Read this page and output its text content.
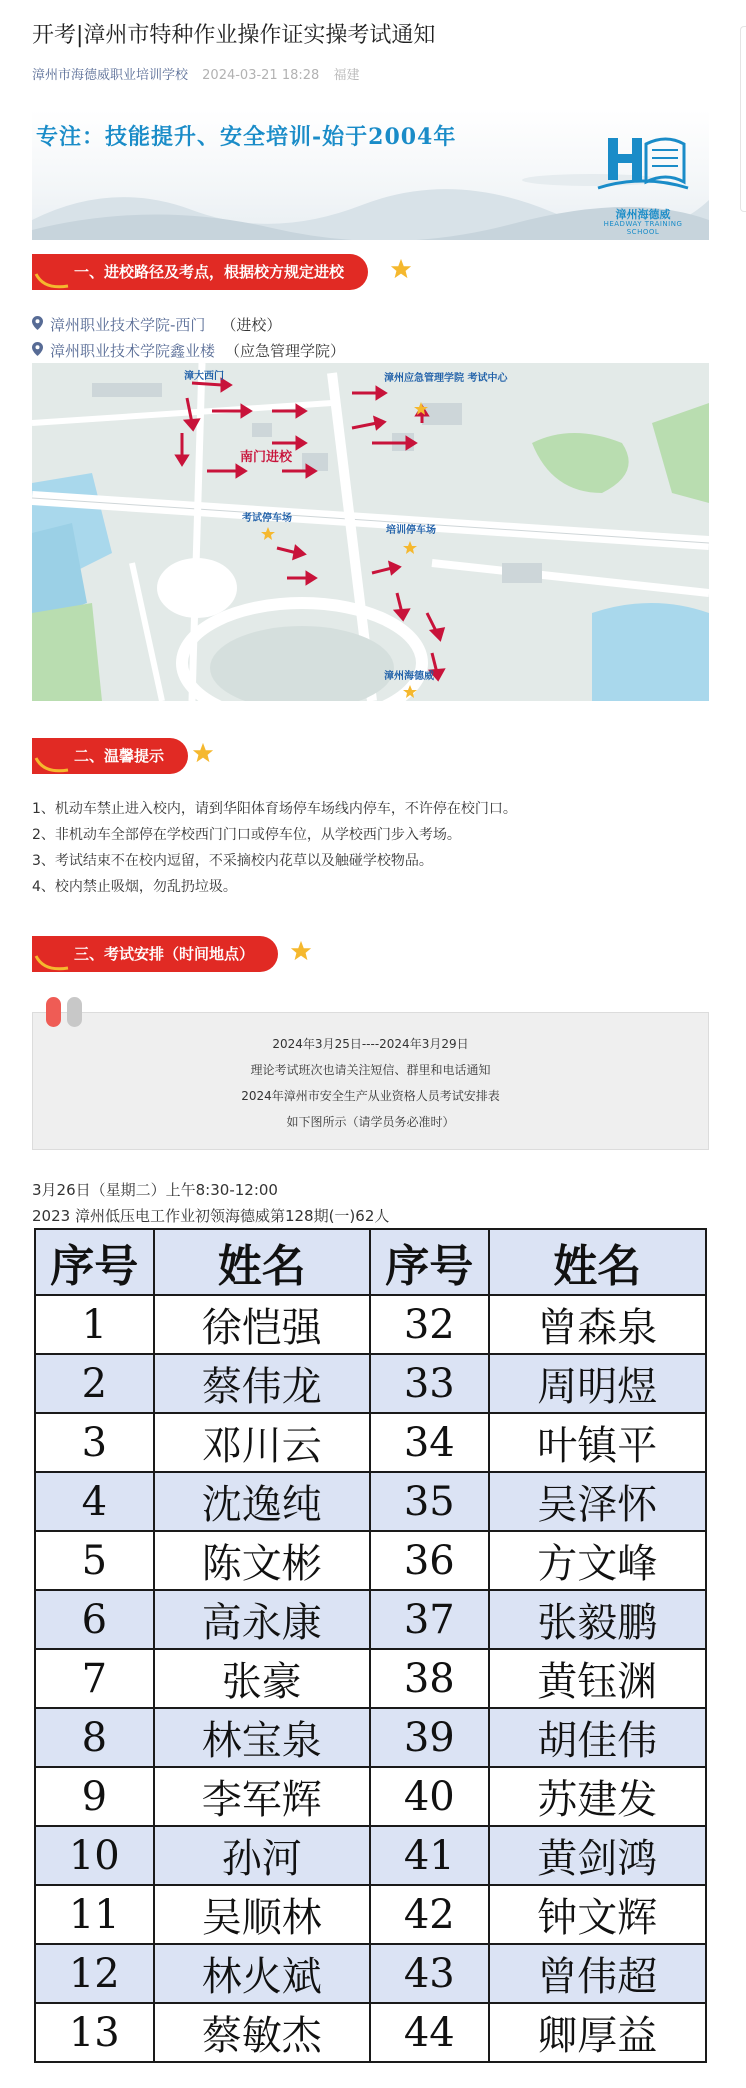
开考|漳州市特种作业操作证实操考试通知
漳州市海德威职业培训学校 2024-03-21 18:28 福建
专注：技能提升、安全培训-始于2004年
漳州海德威
HEADWAY TRAINING SCHOOL
一、进校路径及考点，根据校方规定进校
漳州职业技术学院-西门 （进校）
漳州职业技术学院鑫业楼 （应急管理学院）
漳大西门	漳州应急管理学院 考试中心
考试停车场
培训停车场
漳州海德威
南门进校
二、温馨提示
1、机动车禁止进入校内，请到华阳体育场停车场线内停车，不许停在校门口。
2、非机动车全部停在学校西门门口或停车位，从学校西门步入考场。
3、考试结束不在校内逗留，不采摘校内花草以及触碰学校物品。
4、校内禁止吸烟，勿乱扔垃圾。
三、考试安排（时间地点）
2024年3月25日----2024年3月29日
理论考试班次也请关注短信、群里和电话通知
2024年漳州市安全生产从业资格人员考试安排表
如下图所示（请学员务必准时）
3月26日（星期二）上午8:30-12:00
2023 漳州低压电工作业初领海德威第128期(一)62人
序号	姓名	序号	姓名
1	徐恺强	32	曾森泉
2	蔡伟龙	33	周明煜
3	邓川云	34	叶镇平
4	沈逸纯	35	吴泽怀
5	陈文彬	36	方文峰
6	高永康	37	张毅鹏
7	张豪	38	黄钰渊
8	林宝泉	39	胡佳伟
9	李军辉	40	苏建发
10	孙河	41	黄剑鸿
11	吴顺林	42	钟文辉
12	林火斌	43	曾伟超
13	蔡敏杰	44	卿厚益
